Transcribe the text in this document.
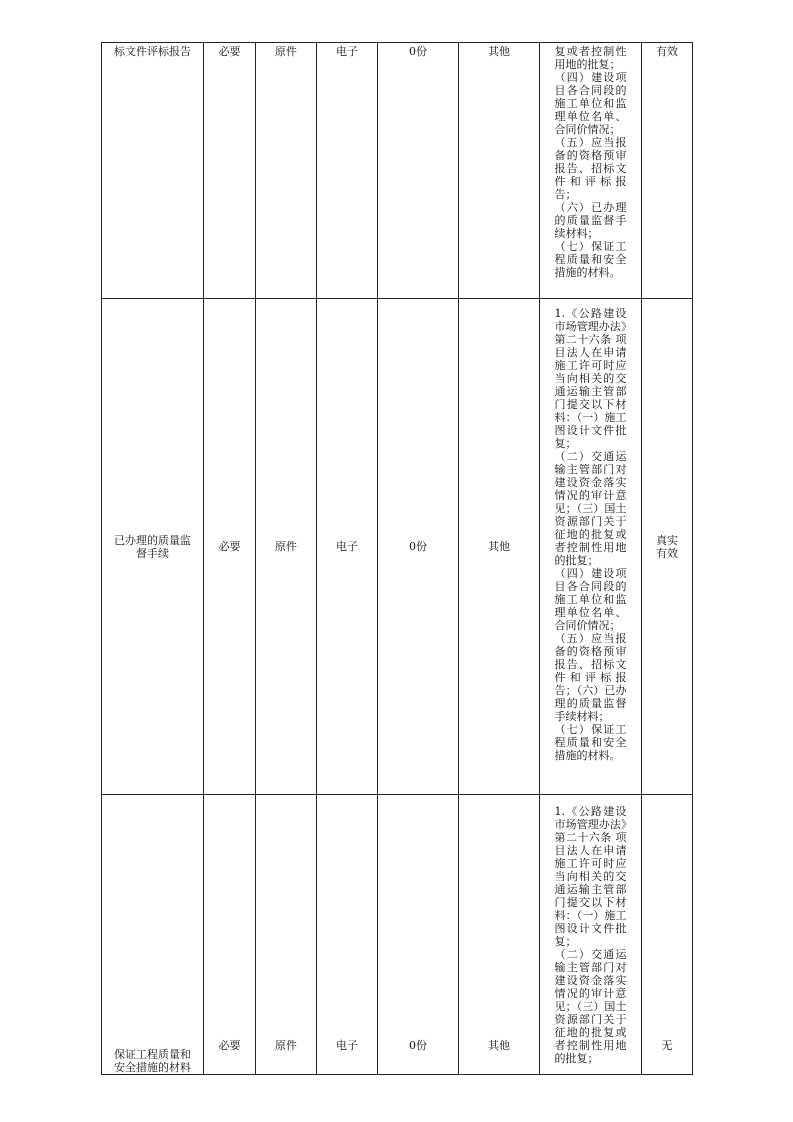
标文件评标报告	必要	原件	电子	0份	其他	复或者控制性用地的批复；
（四）建设项目各合同段的施工单位和监理单位名单、合同价情况；
（五）应当报备的资格预审报告、招标文件和评标报告；
（六）已办理的质量监督手续材料；
（七）保证工程质量和安全措施的材料。	有效

已办理的质量监督手续	必要	原件	电子	0份	其他	1.《公路建设市场管理办法》第二十六条 项目法人在申请施工许可时应当向相关的交通运输主管部门提交以下材料：（一）施工图设计文件批复；
（二）交通运输主管部门对建设资金落实情况的审计意见；（三）国土资源部门关于征地的批复或者控制性用地的批复；
（四）建设项目各合同段的施工单位和监理单位名单、合同价情况；
（五）应当报备的资格预审报告、招标文件和评标报告；（六）已办理的质量监督手续材料；
（七）保证工程质量和安全措施的材料。	真实有效
保证工程质量和安全措施的材料	必要	原件	电子	0份	其他	1.《公路建设市场管理办法》第二十六条 项目法人在申请施工许可时应当向相关的交通运输主管部门提交以下材料：（一）施工图设计文件批复；
（二）交通运输主管部门对建设资金落实情况的审计意见；（三）国土资源部门关于征地的批复或者控制性用地的批复；	无
